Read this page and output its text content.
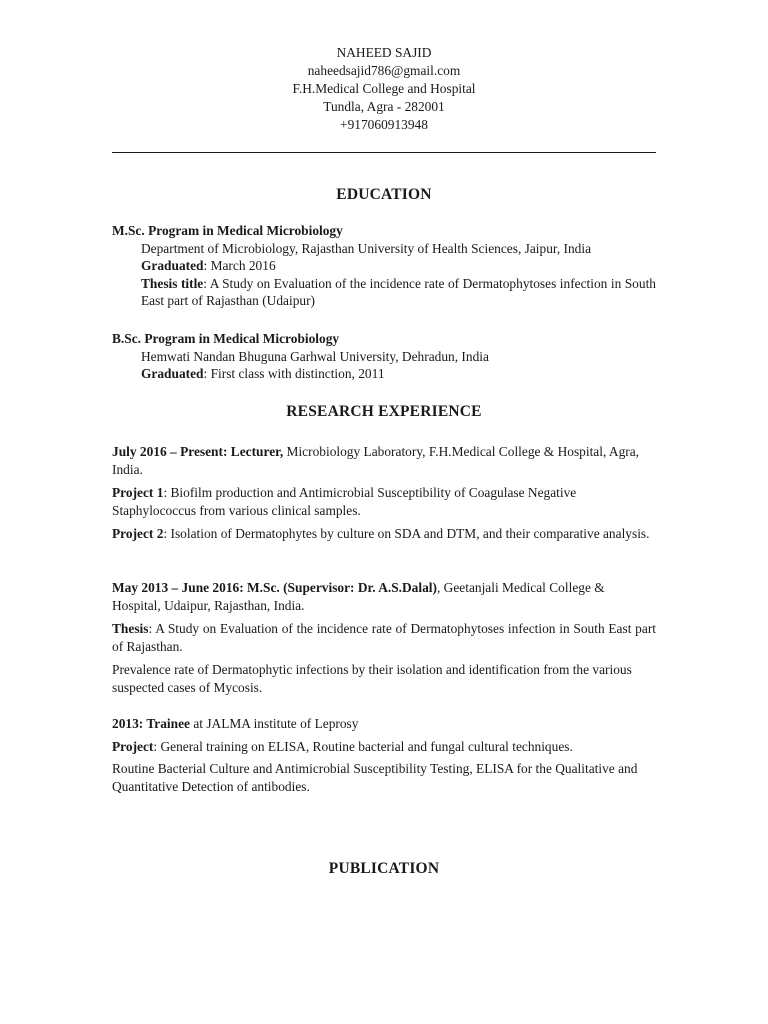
NAHEED SAJID
naheedsajid786@gmail.com
F.H.Medical College and Hospital
Tundla, Agra - 282001
+917060913948
EDUCATION

M.Sc. Program in Medical Microbiology

Department of Microbiology, Rajasthan University of Health Sciences, Jaipur, India

Graduated: March 2016

Thesis title: A Study on Evaluation of the incidence rate of Dermatophytoses infection in South East part of Rajasthan (Udaipur)

B.Sc. Program in Medical Microbiology

Hemwati Nandan Bhuguna Garhwal University, Dehradun, India

Graduated: First class with distinction, 2011

RESEARCH EXPERIENCE

July 2016 – Present: Lecturer, Microbiology Laboratory, F.H.Medical College & Hospital, Agra, India.

Project 1: Biofilm production and Antimicrobial Susceptibility of Coagulase Negative Staphylococcus from various clinical samples.

Project 2: Isolation of Dermatophytes by culture on SDA and DTM, and their comparative analysis.

May 2013 – June 2016: M.Sc. (Supervisor: Dr. A.S.Dalal), Geetanjali Medical College & Hospital, Udaipur, Rajasthan, India.

Thesis: A Study on Evaluation of the incidence rate of Dermatophytoses infection in South East part of Rajasthan.

Prevalence rate of Dermatophytic infections by their isolation and identification from the various suspected cases of Mycosis.

2013: Trainee at JALMA institute of Leprosy

Project: General training on ELISA, Routine bacterial and fungal cultural techniques.

Routine Bacterial Culture and Antimicrobial Susceptibility Testing, ELISA for the Qualitative and Quantitative Detection of antibodies.

PUBLICATION
